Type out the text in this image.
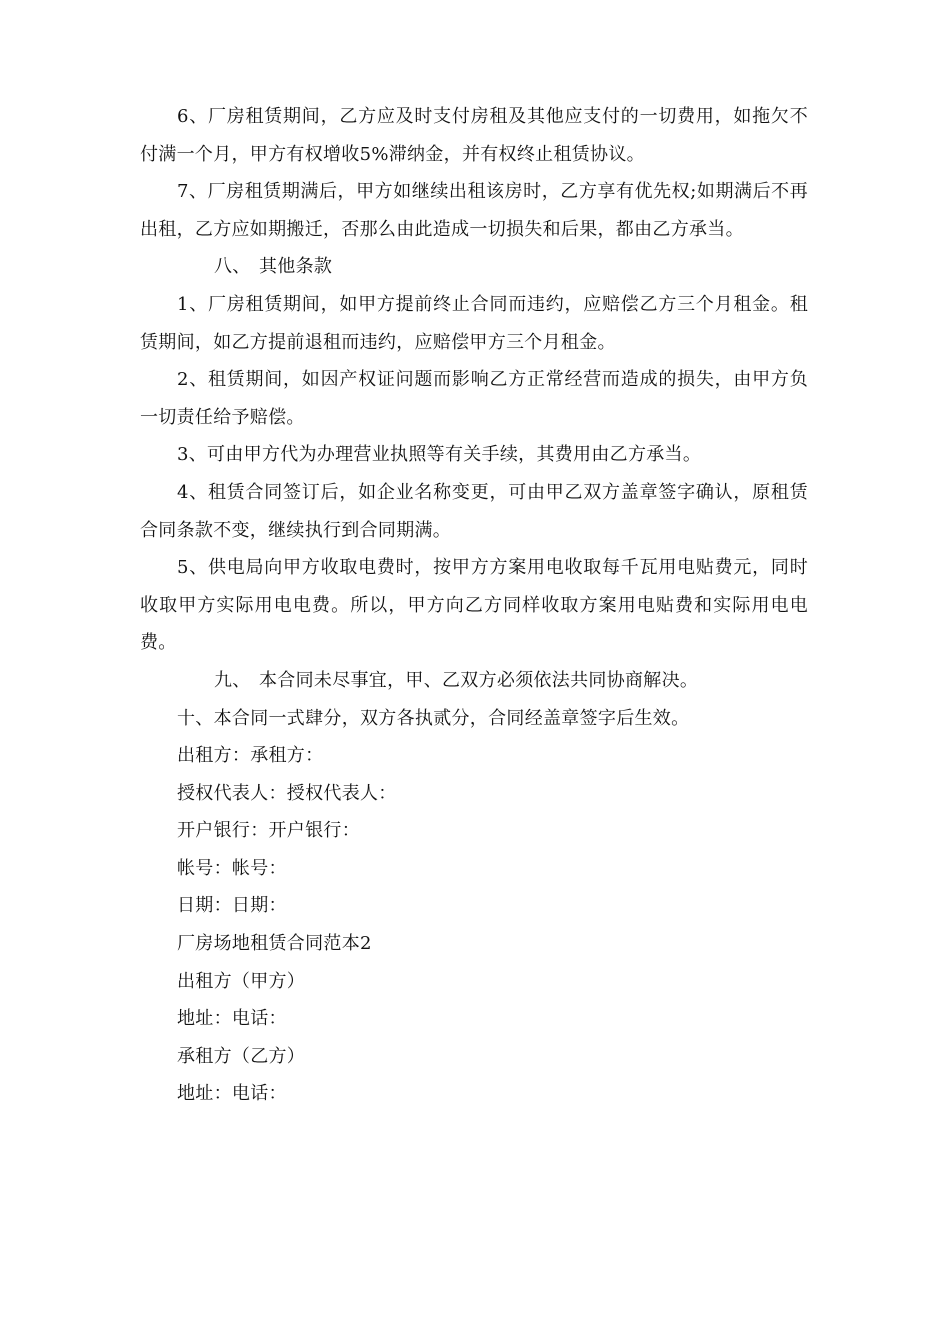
6、厂房租赁期间，乙方应及时支付房租及其他应支付的一切费用，如拖欠不付满一个月，甲方有权增收5%滞纳金，并有权终止租赁协议。

7、厂房租赁期满后，甲方如继续出租该房时，乙方享有优先权;如期满后不再出租，乙方应如期搬迁，否那么由此造成一切损失和后果，都由乙方承当。

八、 其他条款

1、厂房租赁期间，如甲方提前终止合同而违约，应赔偿乙方三个月租金。租赁期间，如乙方提前退租而违约，应赔偿甲方三个月租金。

2、租赁期间，如因产权证问题而影响乙方正常经营而造成的损失，由甲方负一切责任给予赔偿。

3、可由甲方代为办理营业执照等有关手续，其费用由乙方承当。

4、租赁合同签订后，如企业名称变更，可由甲乙双方盖章签字确认，原租赁合同条款不变，继续执行到合同期满。

5、供电局向甲方收取电费时，按甲方方案用电收取每千瓦用电贴费元，同时收取甲方实际用电电费。所以，甲方向乙方同样收取方案用电贴费和实际用电电费。

九、 本合同未尽事宜，甲、乙双方必须依法共同协商解决。

十、本合同一式肆分，双方各执贰分，合同经盖章签字后生效。

出租方：承租方：

授权代表人：授权代表人：

开户银行：开户银行：

帐号：帐号：

日期：日期：

厂房场地租赁合同范本2

出租方（甲方）

地址：电话：

承租方（乙方）

地址：电话：
